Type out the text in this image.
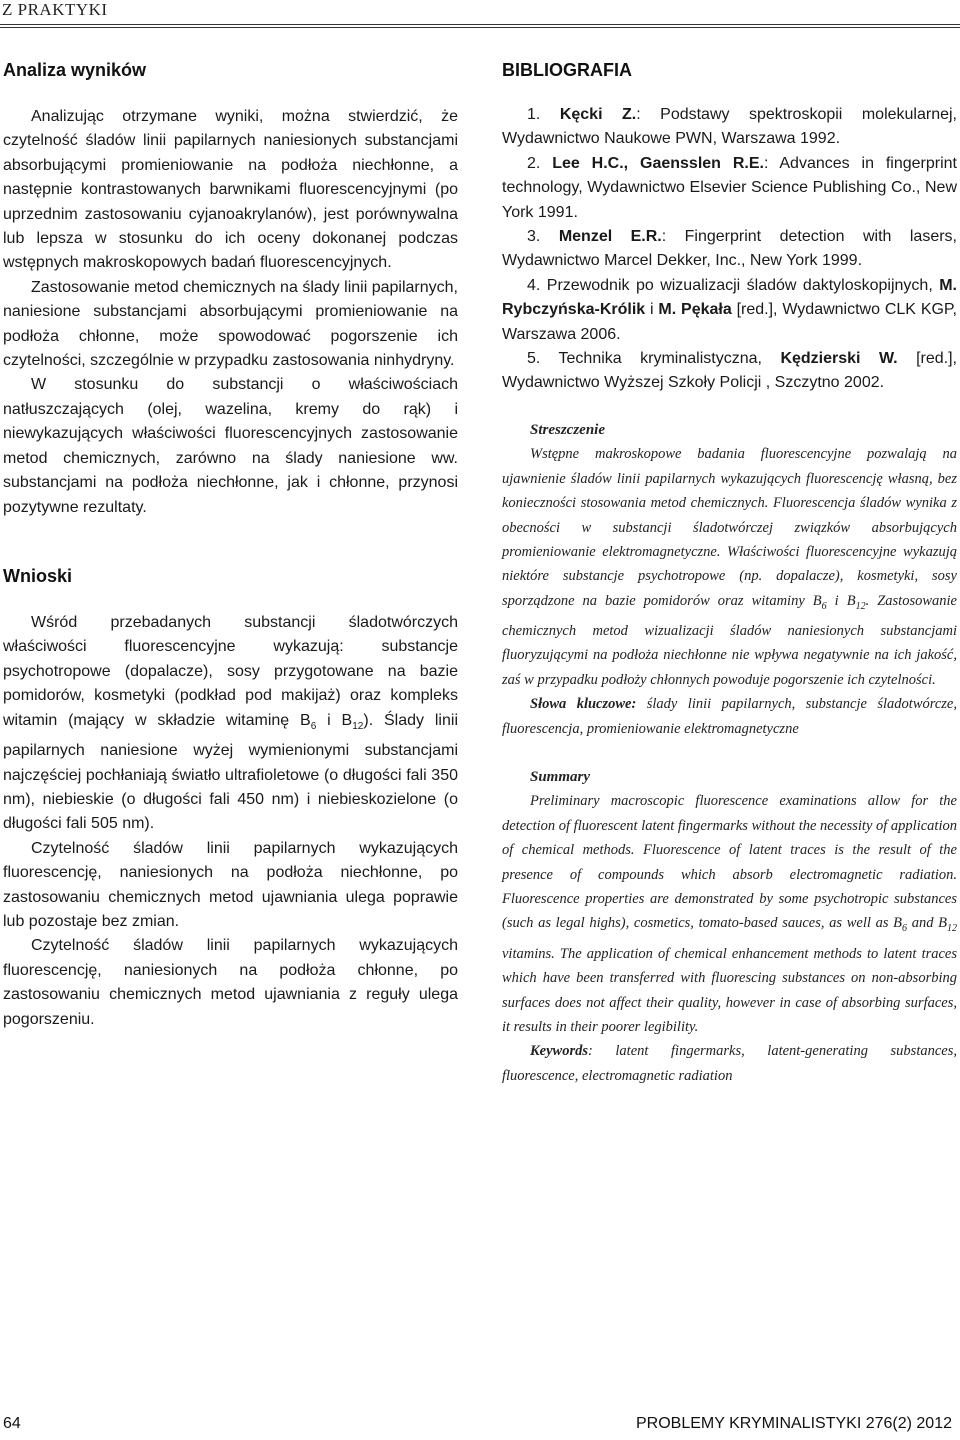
Z PRAKTYKI
Analiza wyników

Analizując otrzymane wyniki, można stwierdzić, że czytelność śladów linii papilarnych naniesionych substancjami absorbującymi promieniowanie na podłoża niechłonne, a następnie kontrastowanych barwnikami fluorescencyjnymi (po uprzednim zastosowaniu cyjanoakrylanów), jest porównywalna lub lepsza w stosunku do ich oceny dokonanej podczas wstępnych makroskopowych badań fluorescencyjnych.

Zastosowanie metod chemicznych na ślady linii papilarnych, naniesione substancjami absorbującymi promieniowanie na podłoża chłonne, może spowodować pogorszenie ich czytelności, szczególnie w przypadku zastosowania ninhydryny.

W stosunku do substancji o właściwościach natłuszczających (olej, wazelina, kremy do rąk) i niewykazujących właściwości fluorescencyjnych zastosowanie metod chemicznych, zarówno na ślady naniesione ww. substancjami na podłoża niechłonne, jak i chłonne, przynosi pozytywne rezultaty.

Wnioski

Wśród przebadanych substancji śladotwórczych właściwości fluorescencyjne wykazują: substancje psychotropowe (dopalacze), sosy przygotowane na bazie pomidorów, kosmetyki (podkład pod makijaż) oraz kompleks witamin (mający w składzie witaminę $B_6$ i $B_{12}$). Ślady linii papilarnych naniesione wyżej wymienionymi substancjami najczęściej pochłaniają światło ultrafioletowe (o długości fali 350 nm), niebieskie (o długości fali 450 nm) i niebieskozielone (o długości fali 505 nm).

Czytelność śladów linii papilarnych wykazujących fluorescencję, naniesionych na podłoża niechłonne, po zastosowaniu chemicznych metod ujawniania ulega poprawie lub pozostaje bez zmian.

Czytelność śladów linii papilarnych wykazujących fluorescencję, naniesionych na podłoża chłonne, po zastosowaniu chemicznych metod ujawniania z reguły ulega pogorszeniu.

BIBLIOGRAFIA

1. Kęcki Z.: Podstawy spektroskopii molekularnej, Wydawnictwo Naukowe PWN, Warszawa 1992.

2. Lee H.C., Gaensslen R.E.: Advances in fingerprint technology, Wydawnictwo Elsevier Science Publishing Co., New York 1991.

3. Menzel E.R.: Fingerprint detection with lasers, Wydawnictwo Marcel Dekker, Inc., New York 1999.

4. Przewodnik po wizualizacji śladów daktyloskopijnych, M. Rybczyńska-Królik i M. Pękała [red.], Wydawnictwo CLK KGP, Warszawa 2006.

5. Technika kryminalistyczna, Kędzierski W. [red.], Wydawnictwo Wyższej Szkoły Policji , Szczytno 2002.

Streszczenie

Wstępne makroskopowe badania fluorescencyjne pozwalają na ujawnienie śladów linii papilarnych wykazujących fluorescencję własną, bez konieczności stosowania metod chemicznych. Fluorescencja śladów wynika z obecności w substancji śladotwórczej związków absorbujących promieniowanie elektromagnetyczne. Właściwości fluorescencyjne wykazują niektóre substancje psychotropowe (np. dopalacze), kosmetyki, sosy sporządzone na bazie pomidorów oraz witaminy $B_6$ i $B_{12}$. Zastosowanie chemicznych metod wizualizacji śladów naniesionych substancjami fluoryzującymi na podłoża niechłonne nie wpływa negatywnie na ich jakość, zaś w przypadku podłoży chłonnych powoduje pogorszenie ich czytelności.

Słowa kluczowe: ślady linii papilarnych, substancje śladotwórcze, fluorescencja, promieniowanie elektromagnetyczne

Summary

Preliminary macroscopic fluorescence examinations allow for the detection of fluorescent latent fingermarks without the necessity of application of chemical methods. Fluorescence of latent traces is the result of the presence of compounds which absorb electromagnetic radiation. Fluorescence properties are demonstrated by some psychotropic substances (such as legal highs), cosmetics, tomato-based sauces, as well as $B_6$ and $B_{12}$ vitamins. The application of chemical enhancement methods to latent traces which have been transferred with fluorescing substances on non-absorbing surfaces does not affect their quality, however in case of absorbing surfaces, it results in their poorer legibility.

Keywords: latent fingermarks, latent-generating substances, fluorescence, electromagnetic radiation

64	PROBLEMY KRYMINALISTYKI 276(2) 2012
